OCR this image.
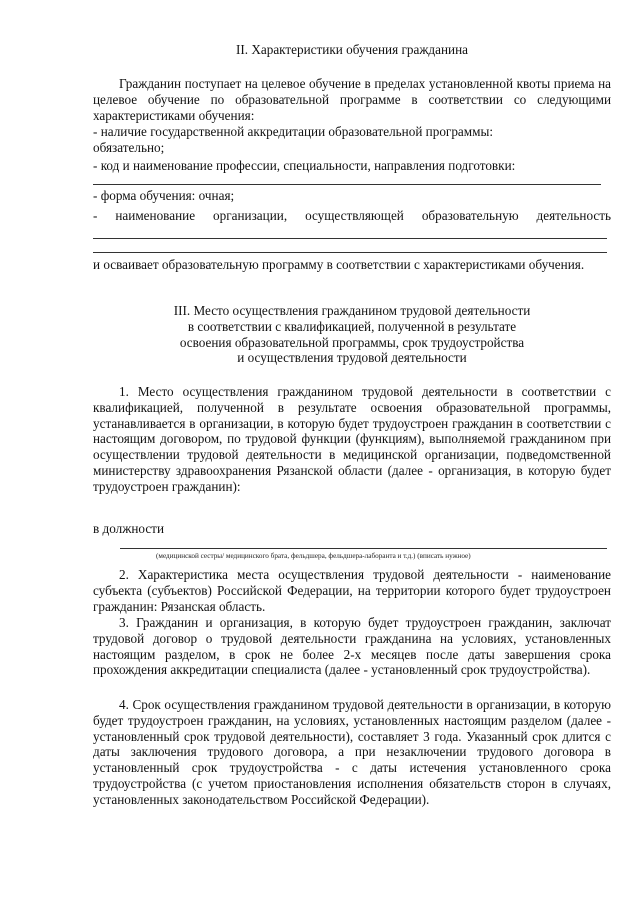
II. Характеристики обучения гражданина

Гражданин поступает на целевое обучение в пределах установленной квоты приема на целевое обучение по образовательной программе в соответствии со следующими характеристиками обучения:

- наличие государственной аккредитации образовательной программы:

обязательно;

- код и наименование профессии, специальности, направления подготовки:

- форма обучения: очная;

- наименование организации, осуществляющей образовательную деятельность

и осваивает образовательную программу в соответствии с характеристиками обучения.

III. Место осуществления гражданином трудовой деятельности
в соответствии с квалификацией, полученной в результате
освоения образовательной программы, срок трудоустройства
и осуществления трудовой деятельности

1. Место осуществления гражданином трудовой деятельности в соответствии с квалификацией, полученной в результате освоения образовательной программы, устанавливается в организации, в которую будет трудоустроен гражданин в соответствии с настоящим договором, по трудовой функции (функциям), выполняемой гражданином при осуществлении трудовой деятельности в медицинской организации, подведомственной министерству здравоохранения Рязанской области (далее - организация, в которую будет трудоустроен гражданин):

в должности

(медицинской сестры/ медицинского брата, фельдшера, фельдшера-лаборанта и т.д.) (вписать нужное)

2. Характеристика места осуществления трудовой деятельности - наименование субъекта (субъектов) Российской Федерации, на территории которого будет трудоустроен гражданин: Рязанская область.

3. Гражданин и организация, в которую будет трудоустроен гражданин, заключат трудовой договор о трудовой деятельности гражданина на условиях, установленных настоящим разделом, в срок не более 2-х месяцев после даты завершения срока прохождения аккредитации специалиста (далее - установленный срок трудоустройства).

4. Срок осуществления гражданином трудовой деятельности в организации, в которую будет трудоустроен гражданин, на условиях, установленных настоящим разделом (далее - установленный срок трудовой деятельности), составляет 3 года. Указанный срок длится с даты заключения трудового договора, а при незаключении трудового договора в установленный срок трудоустройства - с даты истечения установленного срока трудоустройства (с учетом приостановления исполнения обязательств сторон в случаях, установленных законодательством Российской Федерации).
